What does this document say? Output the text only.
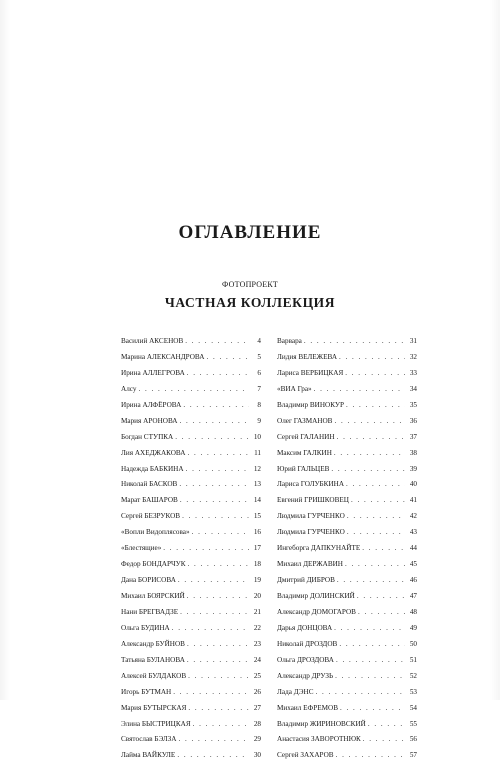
ОГЛАВЛЕНИЕ
ФОТОПРОЕКТ
ЧАСТНАЯ КОЛЛЕКЦИЯ
Василий АКСЕНОВ . . .	4
Марина АЛЕКСАНДРОВА . . .	5
Ирина АЛЛЕГРОВА . . .	6
Алсу . . .	7
Ирина АЛФЁРОВА . . .	8
Мария АРОНОВА . . .	9
Богдан СТУПКА . . .	10
Лия АХЕДЖАКОВА . . .	11
Надежда БАБКИНА . . .	12
Николай БАСКОВ . . .	13
Марат БАШАРОВ . . .	14
Сергей БЕЗРУКОВ . . .	15
«Вопли Видоплясова» . . .	16
«Блестящие» . . .	17
Федор БОНДАРЧУК . . .	18
Дана БОРИСОВА . . .	19
Михаил БОЯРСКИЙ . . .	20
Нани БРЕГВАДЗЕ . . .	21
Ольга БУДИНА . . .	22
Александр БУЙНОВ . . .	23
Татьяна БУЛАНОВА . . .	24
Алексей БУЛДАКОВ . . .	25
Игорь БУТМАН . . .	26
Мария БУТЫРСКАЯ . . .	27
Элина БЫСТРИЦКАЯ . . .	28
Святослав БЭЛЗА . . .	29
Лайма ВАЙКУЛЕ . . .	30
Варвара . . .	31
Лидия ВЕЛЕЖЕВА . . .	32
Лариса ВЕРБИЦКАЯ . . .	33
«ВИА Гра» . . .	34
Владимир ВИНОКУР . . .	35
Олег ГАЗМАНОВ . . .	36
Сергей ГАЛАНИН . . .	37
Максим ГАЛКИН . . .	38
Юрий ГАЛЬЦЕВ . . .	39
Лариса ГОЛУБКИНА . . .	40
Евгений ГРИШКОВЕЦ . . .	41
Людмила ГУРЧЕНКО . . .	42
Людмила ГУРЧЕНКО . . .	43
Ингеборга ДАПКУНАЙТЕ . . .	44
Михаил ДЕРЖАВИН . . .	45
Дмитрий ДИБРОВ . . .	46
Владимир ДОЛИНСКИЙ . . .	47
Александр ДОМОГАРОВ . . .	48
Дарья ДОНЦОВА . . .	49
Николай ДРОЗДОВ . . .	50
Ольга ДРОЗДОВА . . .	51
Александр ДРУЗЬ . . .	52
Лада ДЭНС . . .	53
Михаил ЕФРЕМОВ . . .	54
Владимир ЖИРИНОВСКИЙ . . .	55
Анастасия ЗАВОРОТНЮК . . .	56
Сергей ЗАХАРОВ . . .	57
